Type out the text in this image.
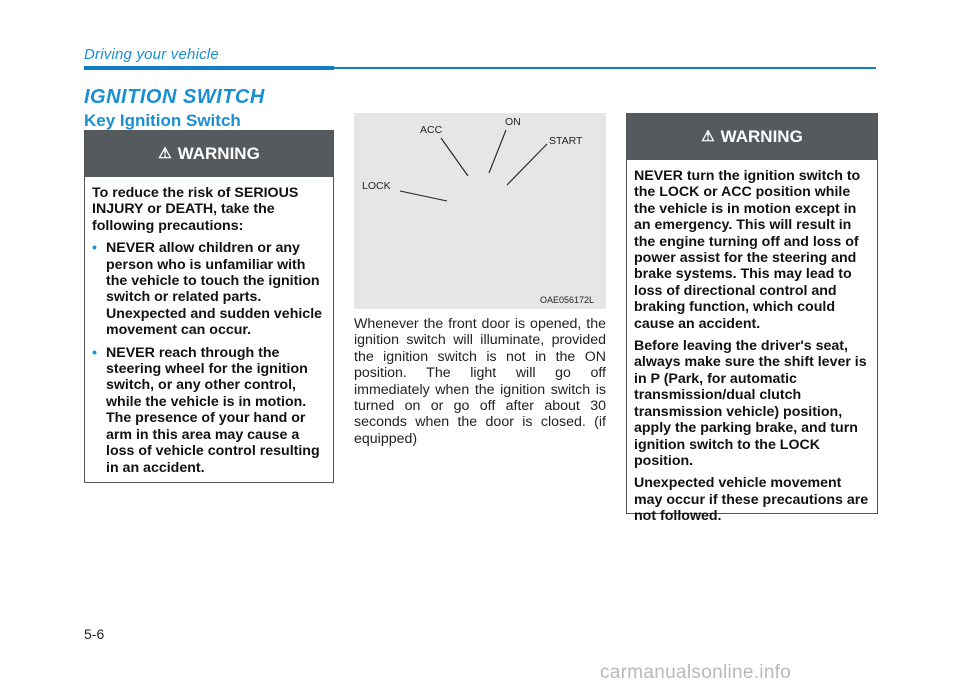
Driving your vehicle
IGNITION SWITCH
Key Ignition Switch
⚠ WARNING

To reduce the risk of SERIOUS INJURY or DEATH, take the following precautions:

• NEVER allow children or any person who is unfamiliar with the vehicle to touch the ignition switch or related parts. Unexpected and sudden vehicle movement can occur.
• NEVER reach through the steering wheel for the ignition switch, or any other control, while the vehicle is in motion. The presence of your hand or arm in this area may cause a loss of vehicle control resulting in an accident.
ACC
ON
START
LOCK
OAE056172L
Whenever the front door is opened, the ignition switch will illuminate, provided the ignition switch is not in the ON position. The light will go off immediately when the ignition switch is turned on or go off after about 30 seconds when the door is closed. (if equipped)
⚠ WARNING

NEVER turn the ignition switch to the LOCK or ACC position while the vehicle is in motion except in an emergency. This will result in the engine turning off and loss of power assist for the steering and brake systems. This may lead to loss of directional control and braking function, which could cause an accident.

Before leaving the driver's seat, always make sure the shift lever is in P (Park, for automatic transmission/dual clutch transmission vehicle) position, apply the parking brake, and turn ignition switch to the LOCK position.

Unexpected vehicle movement may occur if these precautions are not followed.

5-6
carmanualsonline.info
